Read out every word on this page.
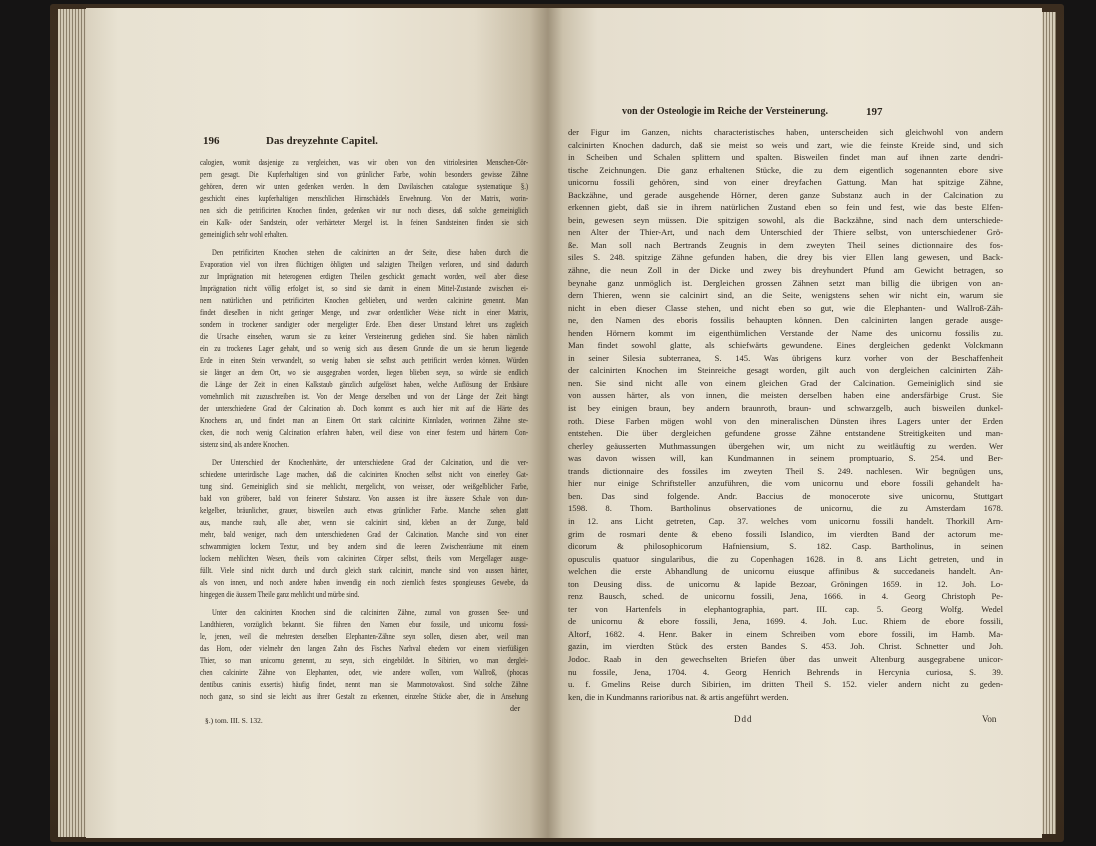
196	Das dreyzehnte Capitel.
calogien, womit dasjenige zu vergleichen, was wir oben von den vitriolesirten Menschen-Cör-
pern gesagt. Die Kupferhaltigen sind von grünlicher Farbe, wohin besonders gewisse Zähne
gehören, deren wir unten gedenken werden. In dem Davilaischen catalogue systematique §.)
geschicht eines kupferhaltigen menschlichen Hirnschädels Erwehnung. Von der Matrix, worin-
nen sich die petrificirten Knochen finden, gedenken wir nur noch dieses, daß solche gemeiniglich
ein Kalk- oder Sandstein, oder verhärteter Mergel ist. In feinen Sandsteinen finden sie sich
gemeiniglich sehr wohl erhalten.
Den petrificirten Knochen stehen die calcinirten an der Seite, diese haben durch die
Evaporation viel von ihren flüchtigen öhligten und salzigten Theilgen verloren, und sind dadurch
zur Imprägnation mit heterogenen erdigten Theilen geschickt gemacht worden, weil aber diese
Imprägnation nicht völlig erfolget ist, so sind sie damit in einem Mittel-Zustande zwischen ei-
nem natürlichen und petrificirten Knochen geblieben, und werden calcinirte genennt. Man
findet dieselben in nicht geringer Menge, und zwar ordentlicher Weise nicht in einer Matrix,
sondern in trockener sandigter oder mergeligter Erde. Eben dieser Umstand lehret uns zugleich
die Ursache einsehen, warum sie zu keiner Versteinerung gediehen sind. Sie haben nämlich
ein zu trockenes Lager gehabt, und so wenig sich aus diesem Grunde die um sie herum liegende
Erde in einen Stein verwandelt, so wenig haben sie selbst auch petrificirt werden können. Würden
sie länger an dem Ort, wo sie ausgegraben worden, liegen blieben seyn, so würde sie endlich
die Länge der Zeit in einen Kalkstaub gänzlich aufgelöset haben, welche Auflösung der Erdsäure
vornehmlich mit zuzuschreiben ist. Von der Menge derselben und von der Länge der Zeit hängt
der unterschiedene Grad der Calcination ab. Doch kommt es auch hier mit auf die Härte des
Knochens an, und findet man an Einem Ort stark calcinirte Kinnladen, worinnen Zähne ste-
cken, die noch wenig Calcination erfahren haben, weil diese von einer festern und härtern Con-
sistenz sind, als andere Knochen.
Der Unterschied der Knochenhärte, der unterschiedene Grad der Calcination, und die ver-
schiedene unterirdische Lage machen, daß die calcinirten Knochen selbst nicht von einerley Gat-
tung sind. Gemeiniglich sind sie mehlicht, mergelicht, von weisser, oder weißgelblicher Farbe,
bald von gröberer, bald von feinerer Substanz. Von aussen ist ihre äussere Schale von dun-
kelgelber, bräunlicher, grauer, bisweilen auch etwas grünlicher Farbe. Manche sehen glatt
aus, manche rauh, alle aber, wenn sie calcinirt sind, kleben an der Zunge, bald
mehr, bald weniger, nach dem unterschiedenen Grad der Calcination. Manche sind von einer
schwammigten lockern Textur, und bey andern sind die leeren Zwischenräume mit einem
lockern mehlichten Wesen, theils vom calcinirten Cörper selbst, theils vom Mergellager ausge-
füllt. Viele sind nicht durch und durch gleich stark calcinirt, manche sind von aussen härter,
als von innen, und noch andere haben inwendig ein noch ziemlich festes spongieuses Gewebe, da
hingegen die äussern Theile ganz mehlicht und mürbe sind.
Unter den calcinirten Knochen sind die calcinirten Zähne, zumal von grossen See- und
Landthieren, vorzüglich bekannt. Sie führen den Namen ebur fossile, und unicornu fossi-
le, jenen, weil die mehresten derselben Elephanten-Zähne seyn sollen, diesen aber, weil man
das Horn, oder vielmehr den langen Zahn des Fisches Narhval ehedem vor einem vierfüßigen
Thier, so man unicornu genennt, zu seyn, sich eingebildet. In Sibirien, wo man derglei-
chen calcinirte Zähne von Elephanten, oder, wie andere wollen, vom Wallroß, (phocas
dentibus caninis exsertis) häufig findet, nennt man sie Mammotovakost. Sind solche Zähne
noch ganz, so sind sie leicht aus ihrer Gestalt zu erkennen, einzelne Stücke aber, die in Ansehung
der
§.) tom. III. S. 132.
von der Osteologie im Reiche der Versteinerung.	197
der Figur im Ganzen, nichts characteristisches haben, unterscheiden sich gleichwohl von andern
calcinirten Knochen dadurch, daß sie meist so weis und zart, wie die feinste Kreide sind, und sich
in Scheiben und Schalen splittern und spalten. Bisweilen findet man auf ihnen zarte dendri-
tische Zeichnungen. Die ganz erhaltenen Stücke, die zu dem eigentlich sogenannten ebore sive
unicornu fossili gehören, sind von einer dreyfachen Gattung. Man hat spitzige Zähne,
Backzähne, und gerade ausgehende Hörner, deren ganze Substanz auch in der Calcination zu
erkennen giebt, daß sie in ihrem natürlichen Zustand eben so fein und fest, wie das beste Elfen-
bein, gewesen seyn müssen. Die spitzigen sowohl, als die Backzähne, sind nach dem unterschiede-
nen Alter der Thier-Art, und nach dem Unterschied der Thiere selbst, von unterschiedener Grö-
ße. Man soll nach Bertrands Zeugnis in dem zweyten Theil seines dictionnaire des fos-
siles S. 248. spitzige Zähne gefunden haben, die drey bis vier Ellen lang gewesen, und Back-
zähne, die neun Zoll in der Dicke und zwey bis dreyhundert Pfund am Gewicht betragen, so
beynahe ganz unmöglich ist. Dergleichen grossen Zähnen setzt man billig die übrigen von an-
dern Thieren, wenn sie calcinirt sind, an die Seite, wenigstens sehen wir nicht ein, warum sie
nicht in eben dieser Classe stehen, und nicht eben so gut, wie die Elephanten- und Wallroß-Zäh-
ne, den Namen des eboris fossilis behaupten können. Den calcinirten langen gerade ausge-
henden Hörnern kommt im eigenthümlichen Verstande der Name des unicornu fossilis zu.
Man findet sowohl glatte, als schiefwärts gewundene. Eines dergleichen gedenkt Volckmann
in seiner Silesia subterranea, S. 145. Was übrigens kurz vorher von der Beschaffenheit
der calcinirten Knochen im Steinreiche gesagt worden, gilt auch von dergleichen calcinirten Zäh-
nen. Sie sind nicht alle von einem gleichen Grad der Calcination. Gemeiniglich sind sie
von aussen härter, als von innen, die meisten derselben haben eine andersfärbige Crust. Sie
ist bey einigen braun, bey andern braunroth, braun- und schwarzgelb, auch bisweilen dunkel-
roth. Diese Farben mögen wohl von den mineralischen Dünsten ihres Lagers unter der Erden
entstehen. Die über dergleichen gefundene grosse Zähne entstandene Streitigkeiten und man-
cherley geäusserten Muthmassungen übergehen wir, um nicht zu weitläuftig zu werden. Wer
was davon wissen will, kan Kundmannen in seinem promptuario, S. 254. und Ber-
trands dictionnaire des fossiles im zweyten Theil S. 249. nachlesen. Wir begnügen uns,
hier nur einige Schriftsteller anzuführen, die vom unicornu und ebore fossili gehandelt ha-
ben. Das sind folgende. Andr. Baccius de monocerote sive unicornu, Stuttgart
1598. 8. Thom. Bartholinus observationes de unicornu, die zu Amsterdam 1678.
in 12. ans Licht getreten, Cap. 37. welches vom unicornu fossili handelt. Thorkill Arn-
grim de rosmari dente & ebeno fossili Islandico, im vierdten Band der actorum me-
dicorum & philosophicorum Hafniensium, S. 182. Casp. Bartholinus, in seinen
opusculis quatuor singularibus, die zu Copenhagen 1628. in 8. ans Licht getreten, und in
welchen die erste Abhandlung de unicornu eiusque affinibus & succedaneis handelt. An-
ton Deusing diss. de unicornu & lapide Bezoar, Gröningen 1659. in 12. Joh. Lo-
renz Bausch, sched. de unicornu fossili, Jena, 1666. in 4. Georg Christoph Pe-
ter von Hartenfels in elephantographia, part. III. cap. 5. Georg Wolfg. Wedel
de unicornu & ebore fossili, Jena, 1699. 4. Joh. Luc. Rhiem de ebore fossili,
Altorf, 1682. 4. Henr. Baker in einem Schreiben vom ebore fossili, im Hamb. Ma-
gazin, im vierdten Stück des ersten Bandes S. 453. Joh. Christ. Schnetter und Joh.
Jodoc. Raab in den gewechselten Briefen über das unweit Altenburg ausgegrabene unicor-
nu fossile, Jena, 1704. 4. Georg Henrich Behrends in Hercynia curiosa, S. 39.
u. f. Gmelins Reise durch Sibirien, im dritten Theil S. 152. vieler andern nicht zu geden-
ken, die in Kundmanns rarioribus nat. & artis angeführt werden.
Ddd	Von
